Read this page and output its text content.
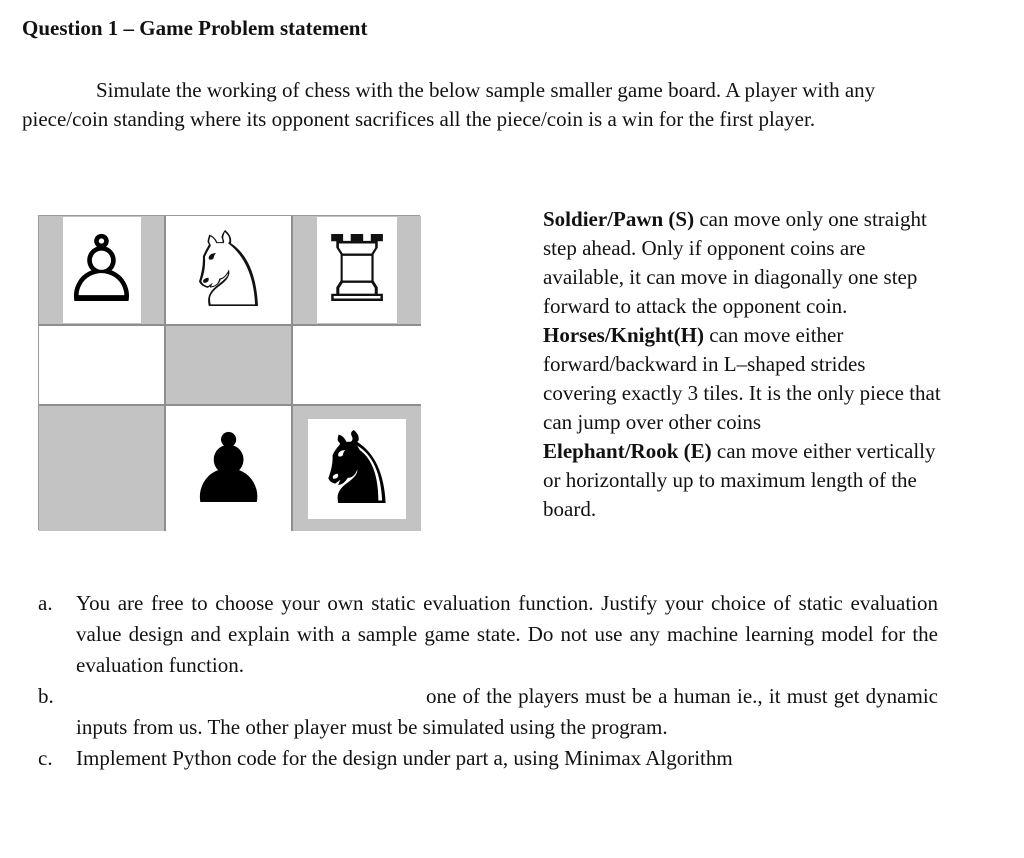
Question 1 – Game Problem statement
Simulate the working of chess with the below sample smaller game board. A player with any piece/coin standing where its opponent sacrifices all the piece/coin is a win for the first player.
♙ ♘ ♖
♟ ♞
Soldier/Pawn (S) can move only one straight step ahead. Only if opponent coins are available, it can move in diagonally one step forward to attack the opponent coin.
Horses/Knight(H) can move either forward/backward in L–shaped strides covering exactly 3 tiles. It is the only piece that can jump over other coins
Elephant/Rook (E) can move either vertically or horizontally up to maximum length of the board.
a. You are free to choose your own static evaluation function. Justify your choice of static evaluation value design and explain with a sample game state. Do not use any machine learning model for the evaluation function.
b.	one of the players must be a human ie., it must get dynamic inputs from us. The other player must be simulated using the program.
c. Implement Python code for the design under part a, using Minimax Algorithm
